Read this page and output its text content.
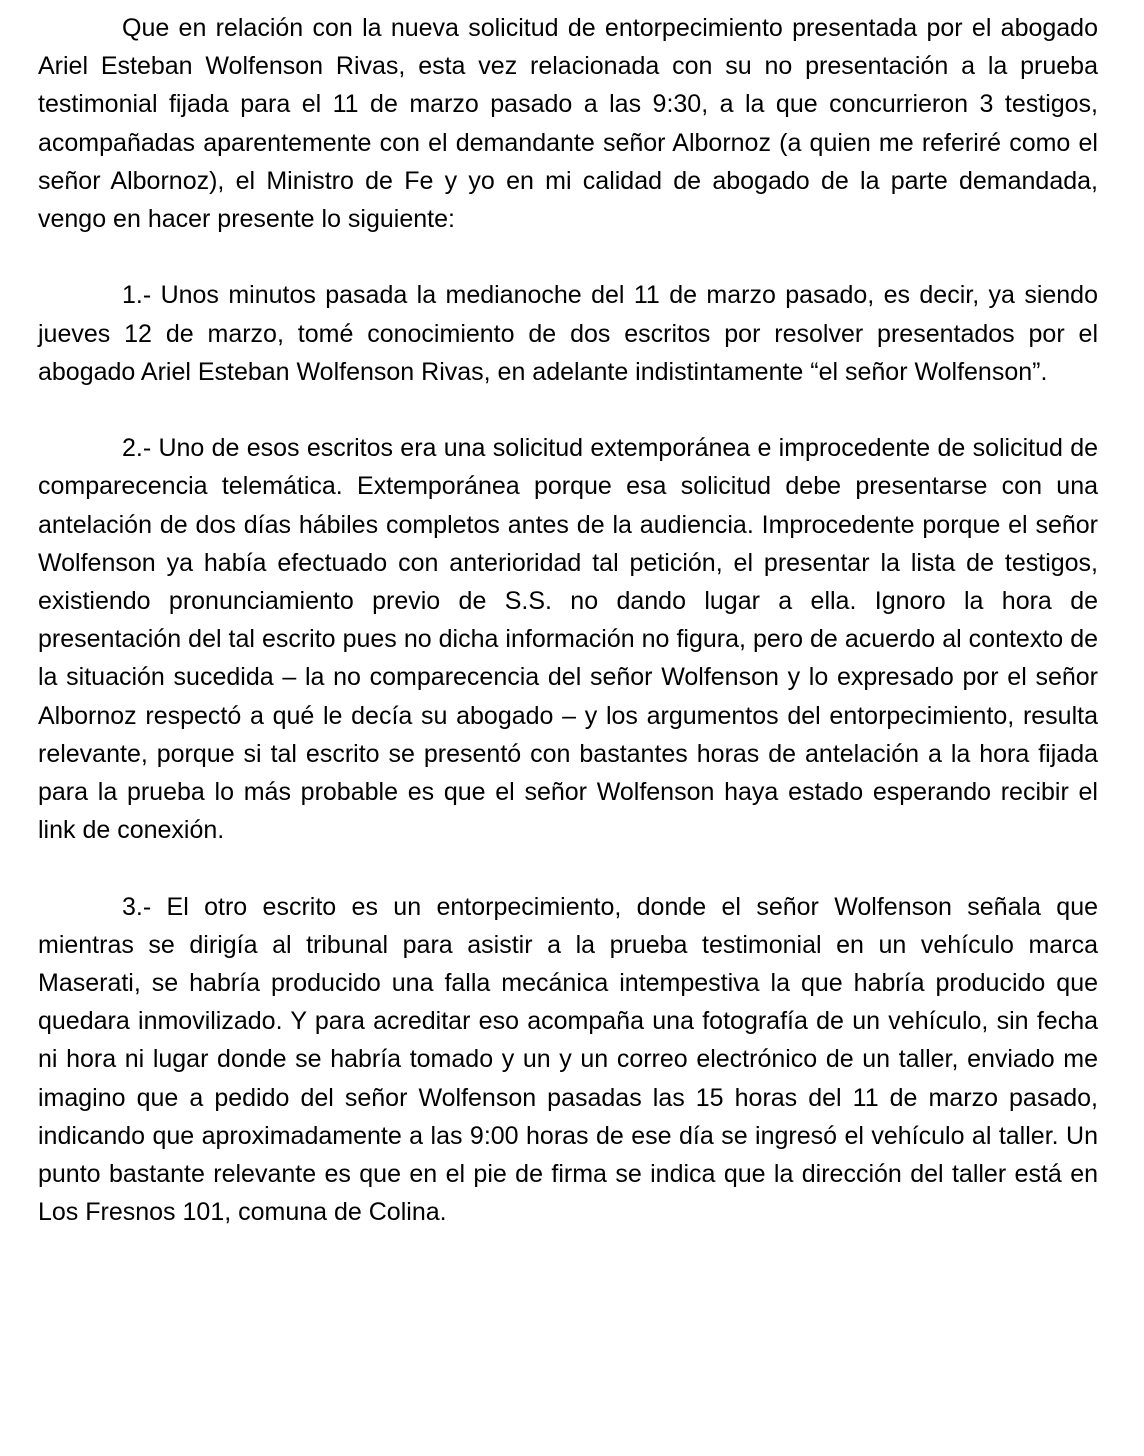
Que en relación con la nueva solicitud de entorpecimiento presentada por el abogado Ariel Esteban Wolfenson Rivas, esta vez relacionada con su no presentación a la prueba testimonial fijada para el 11 de marzo pasado a las 9:30, a la que concurrieron 3 testigos, acompañadas aparentemente con el demandante señor Albornoz (a quien me referiré como el señor Albornoz), el Ministro de Fe y yo en mi calidad de abogado de la parte demandada, vengo en hacer presente lo siguiente:

1.- Unos minutos pasada la medianoche del 11 de marzo pasado, es decir, ya siendo jueves 12 de marzo, tomé conocimiento de dos escritos por resolver presentados por el abogado Ariel Esteban Wolfenson Rivas, en adelante indistintamente “el señor Wolfenson”.

2.- Uno de esos escritos era una solicitud extemporánea e improcedente de solicitud de comparecencia telemática. Extemporánea porque esa solicitud debe presentarse con una antelación de dos días hábiles completos antes de la audiencia. Improcedente porque el señor Wolfenson ya había efectuado con anterioridad tal petición, el presentar la lista de testigos, existiendo pronunciamiento previo de S.S. no dando lugar a ella. Ignoro la hora de presentación del tal escrito pues no dicha información no figura, pero de acuerdo al contexto de la situación sucedida – la no comparecencia del señor Wolfenson y lo expresado por el señor Albornoz respectó a qué le decía su abogado – y los argumentos del entorpecimiento, resulta relevante, porque si tal escrito se presentó con bastantes horas de antelación a la hora fijada para la prueba lo más probable es que el señor Wolfenson haya estado esperando recibir el link de conexión.

3.- El otro escrito es un entorpecimiento, donde el señor Wolfenson señala que mientras se dirigía al tribunal para asistir a la prueba testimonial en un vehículo marca Maserati, se habría producido una falla mecánica intempestiva la que habría producido que quedara inmovilizado. Y para acreditar eso acompaña una fotografía de un vehículo, sin fecha ni hora ni lugar donde se habría tomado y un y un correo electrónico de un taller, enviado me imagino que a pedido del señor Wolfenson pasadas las 15 horas del 11 de marzo pasado, indicando que aproximadamente a las 9:00 horas de ese día se ingresó el vehículo al taller. Un punto bastante relevante es que en el pie de firma se indica que la dirección del taller está en Los Fresnos 101, comuna de Colina.
